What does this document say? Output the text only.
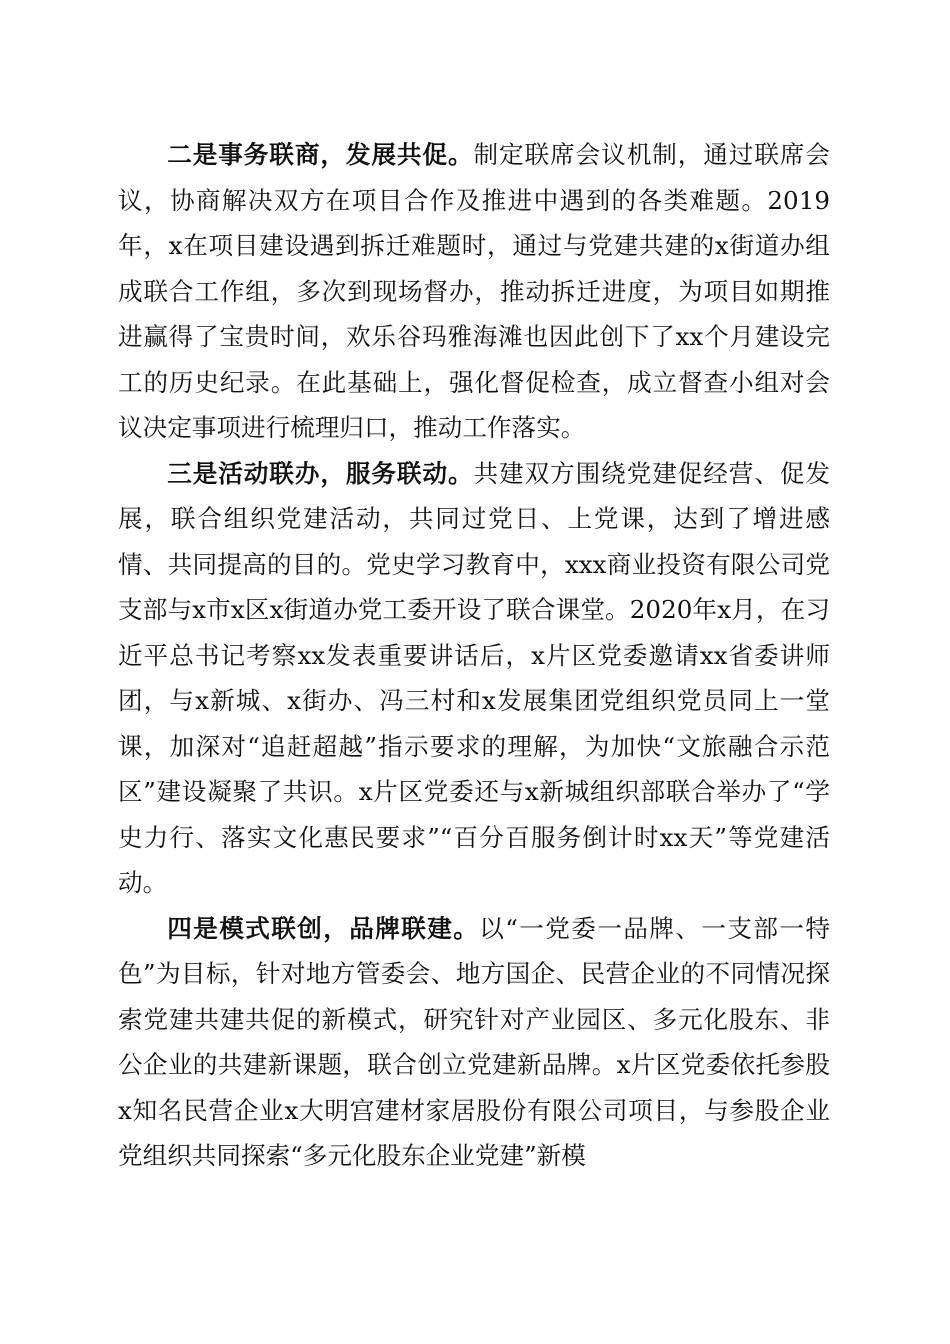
二是事务联商，发展共促。制定联席会议机制，通过联席会议，协商解决双方在项目合作及推进中遇到的各类难题。2019年，x在项目建设遇到拆迁难题时，通过与党建共建的x街道办组成联合工作组，多次到现场督办，推动拆迁进度，为项目如期推进赢得了宝贵时间，欢乐谷玛雅海滩也因此创下了xx个月建设完工的历史纪录。在此基础上，强化督促检查，成立督查小组对会议决定事项进行梳理归口，推动工作落实。

三是活动联办，服务联动。共建双方围绕党建促经营、促发展，联合组织党建活动，共同过党日、上党课，达到了增进感情、共同提高的目的。党史学习教育中，xxx商业投资有限公司党支部与x市x区x街道办党工委开设了联合课堂。2020年x月，在习近平总书记考察xx发表重要讲话后，x片区党委邀请xx省委讲师团，与x新城、x街办、冯三村和x发展集团党组织党员同上一堂课，加深对“追赶超越”指示要求的理解，为加快“文旅融合示范区”建设凝聚了共识。x片区党委还与x新城组织部联合举办了“学史力行、落实文化惠民要求”“百分百服务倒计时xx天”等党建活动。

四是模式联创，品牌联建。以“一党委一品牌、一支部一特色”为目标，针对地方管委会、地方国企、民营企业的不同情况探索党建共建共促的新模式，研究针对产业园区、多元化股东、非公企业的共建新课题，联合创立党建新品牌。x片区党委依托参股x知名民营企业x大明宫建材家居股份有限公司项目，与参股企业党组织共同探索“多元化股东企业党建”新模
